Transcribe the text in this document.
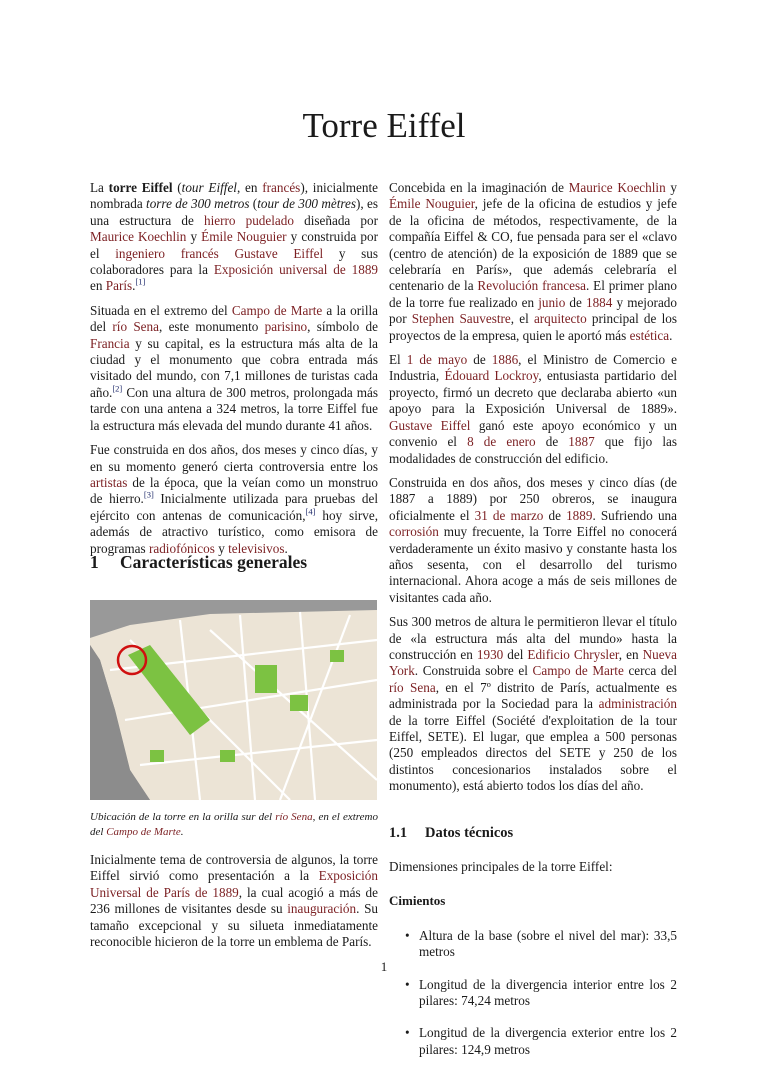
Torre Eiffel

La torre Eiffel (tour Eiffel, en francés), inicialmente nombrada torre de 300 metros (tour de 300 mètres), es una estructura de hierro pudelado diseñada por Maurice Koechlin y Émile Nouguier y construida por el ingeniero francés Gustave Eiffel y sus colaboradores para la Exposición universal de 1889 en París.[1]

Situada en el extremo del Campo de Marte a la orilla del río Sena, este monumento parisino, símbolo de Francia y su capital, es la estructura más alta de la ciudad y el monumento que cobra entrada más visitado del mundo, con 7,1 millones de turistas cada año.[2] Con una altura de 300 metros, prolongada más tarde con una antena a 324 metros, la torre Eiffel fue la estructura más elevada del mundo durante 41 años.

Fue construida en dos años, dos meses y cinco días, y en su momento generó cierta controversia entre los artistas de la época, que la veían como un monstruo de hierro.[3] Inicialmente utilizada para pruebas del ejército con antenas de comunicación,[4] hoy sirve, además de atractivo turístico, como emisora de programas radiofónicos y televisivos.

1 Características generales
Ubicación de la torre en la orilla sur del río Sena, en el extremo del Campo de Marte.

Inicialmente tema de controversia de algunos, la torre Eiffel sirvió como presentación a la Exposición Universal de París de 1889, la cual acogió a más de 236 millones de visitantes desde su inauguración. Su tamaño excepcional y su silueta inmediatamente reconocible hicieron de la torre un emblema de París.

Concebida en la imaginación de Maurice Koechlin y Émile Nouguier, jefe de la oficina de estudios y jefe de la oficina de métodos, respectivamente, de la compañía Eiffel & CO, fue pensada para ser el «clavo (centro de atención) de la exposición de 1889 que se celebraría en París», que además celebraría el centenario de la Revolución francesa. El primer plano de la torre fue realizado en junio de 1884 y mejorado por Stephen Sauvestre, el arquitecto principal de los proyectos de la empresa, quien le aportó más estética.

El 1 de mayo de 1886, el Ministro de Comercio e Industria, Édouard Lockroy, entusiasta partidario del proyecto, firmó un decreto que declaraba abierto «un apoyo para la Exposición Universal de 1889». Gustave Eiffel ganó este apoyo económico y un convenio el 8 de enero de 1887 que fijo las modalidades de construcción del edificio.

Construida en dos años, dos meses y cinco días (de 1887 a 1889) por 250 obreros, se inaugura oficialmente el 31 de marzo de 1889. Sufriendo una corrosión muy frecuente, la Torre Eiffel no conocerá verdaderamente un éxito masivo y constante hasta los años sesenta, con el desarrollo del turismo internacional. Ahora acoge a más de seis millones de visitantes cada año.

Sus 300 metros de altura le permitieron llevar el título de «la estructura más alta del mundo» hasta la construcción en 1930 del Edificio Chrysler, en Nueva York. Construida sobre el Campo de Marte cerca del río Sena, en el 7º distrito de París, actualmente es administrada por la Sociedad para la administración de la torre Eiffel (Société d'exploitation de la tour Eiffel, SETE). El lugar, que emplea a 500 personas (250 empleados directos del SETE y 250 de los distintos concesionarios instalados sobre el monumento), está abierto todos los días del año.

1.1 Datos técnicos

Dimensiones principales de la torre Eiffel:

Cimientos
• Altura de la base (sobre el nivel del mar): 33,5 metros
• Longitud de la divergencia interior entre los 2 pilares: 74,24 metros
• Longitud de la divergencia exterior entre los 2 pilares: 124,9 metros
1
